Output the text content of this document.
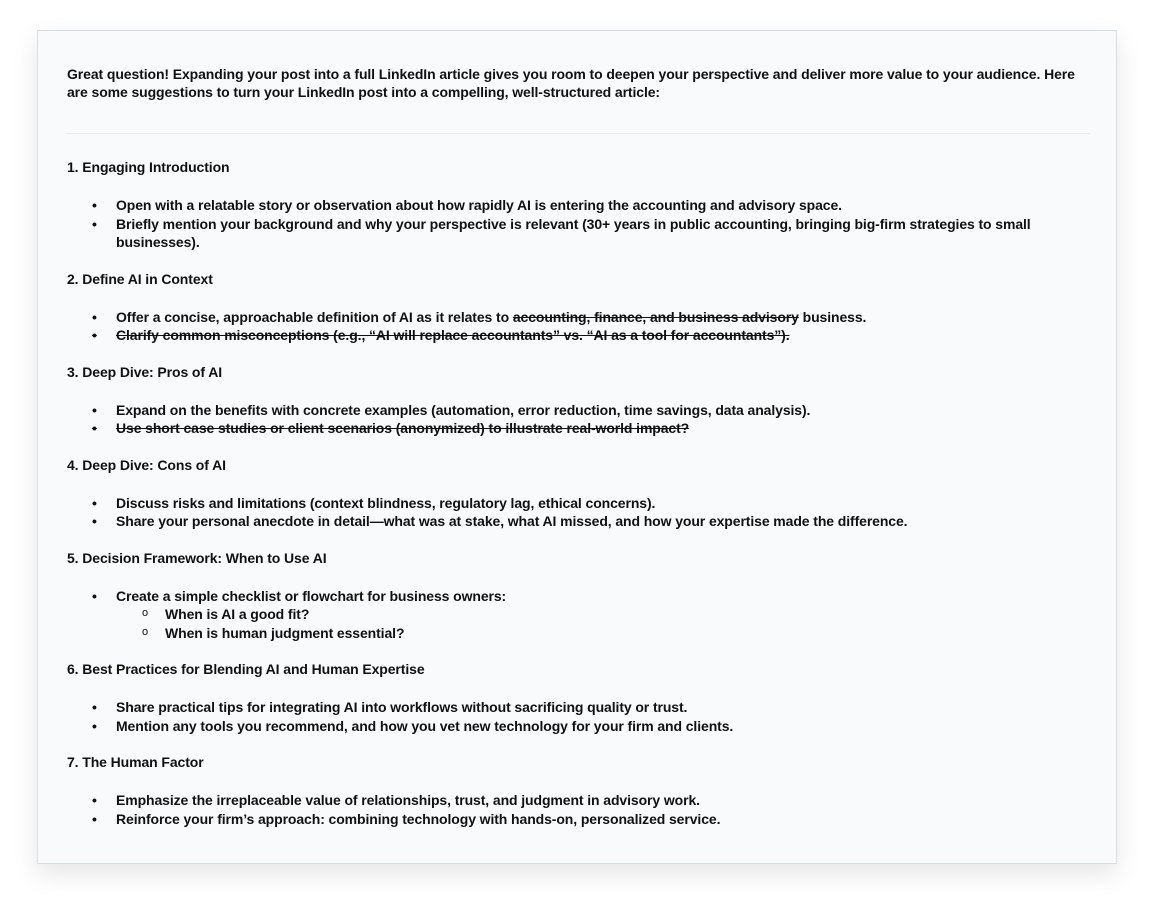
Great question! Expanding your post into a full LinkedIn article gives you room to deepen your perspective and deliver more value to your audience. Here are some suggestions to turn your LinkedIn post into a compelling, well-structured article:

1. Engaging Introduction

• Open with a relatable story or observation about how rapidly AI is entering the accounting and advisory space.
• Briefly mention your background and why your perspective is relevant (30+ years in public accounting, bringing big-firm strategies to small businesses).

2. Define AI in Context

• Offer a concise, approachable definition of AI as it relates to accounting, finance, and business advisory business.
• Clarify common misconceptions (e.g., “AI will replace accountants” vs. “AI as a tool for accountants”).

3. Deep Dive: Pros of AI

• Expand on the benefits with concrete examples (automation, error reduction, time savings, data analysis).
• Use short case studies or client scenarios (anonymized) to illustrate real-world impact?

4. Deep Dive: Cons of AI

• Discuss risks and limitations (context blindness, regulatory lag, ethical concerns).
• Share your personal anecdote in detail—what was at stake, what AI missed, and how your expertise made the difference.

5. Decision Framework: When to Use AI

• Create a simple checklist or flowchart for business owners:
o When is AI a good fit?
o When is human judgment essential?

6. Best Practices for Blending AI and Human Expertise

• Share practical tips for integrating AI into workflows without sacrificing quality or trust.
• Mention any tools you recommend, and how you vet new technology for your firm and clients.

7. The Human Factor

• Emphasize the irreplaceable value of relationships, trust, and judgment in advisory work.
• Reinforce your firm’s approach: combining technology with hands-on, personalized service.
